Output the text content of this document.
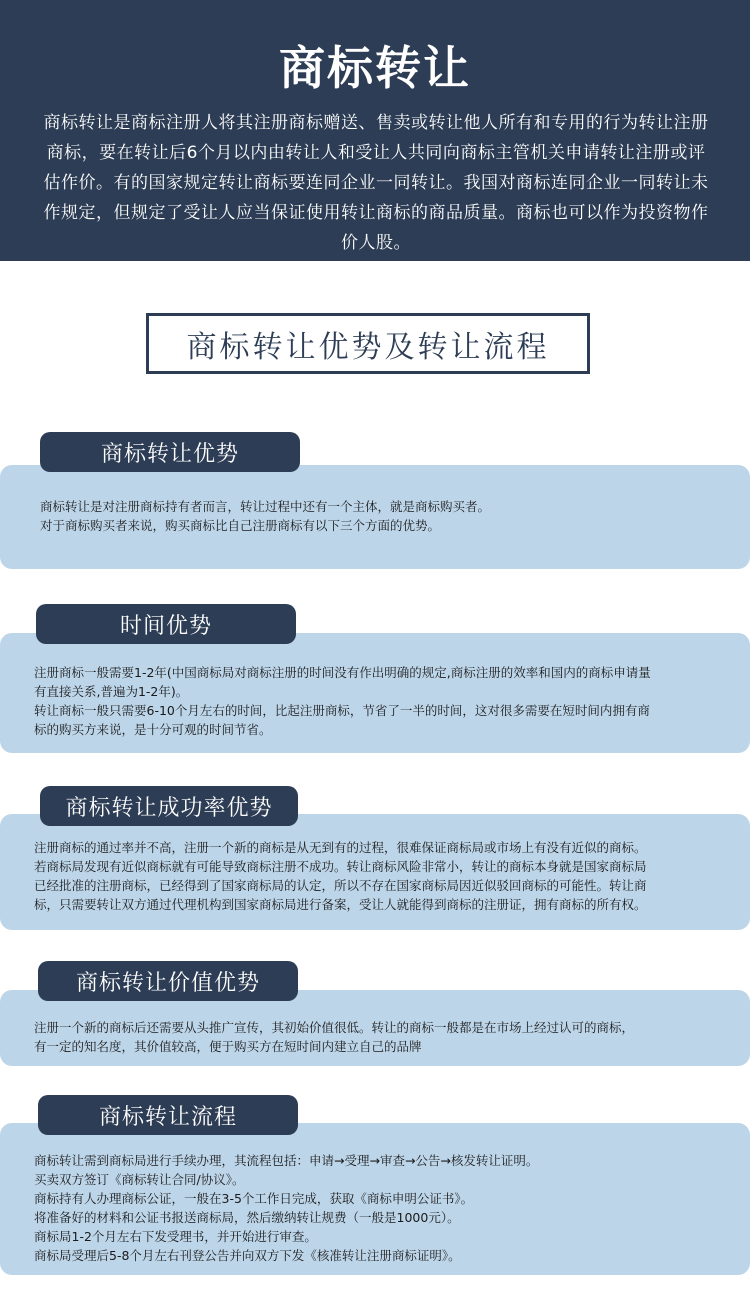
商标转让
商标转让是商标注册人将其注册商标赠送、售卖或转让他人所有和专用的行为转让注册商标，要在转让后6个月以内由转让人和受让人共同向商标主管机关申请转让注册或评估作价。有的国家规定转让商标要连同企业一同转让。我国对商标连同企业一同转让未作规定，但规定了受让人应当保证使用转让商标的商品质量。商标也可以作为投资物作价人股。
商标转让优势及转让流程
商标转让是对注册商标持有者而言，转让过程中还有一个主体，就是商标购买者。
对于商标购买者来说，购买商标比自己注册商标有以下三个方面的优势。
商标转让优势
注册商标一般需要1-2年(中国商标局对商标注册的时间没有作出明确的规定,商标注册的效率和国内的商标申请量
有直接关系,普遍为1-2年)。
转让商标一般只需要6-10个月左右的时间，比起注册商标，节省了一半的时间，这对很多需要在短时间内拥有商
标的购买方来说，是十分可观的时间节省。
时间优势
注册商标的通过率并不高，注册一个新的商标是从无到有的过程，很难保证商标局或市场上有没有近似的商标。
若商标局发现有近似商标就有可能导致商标注册不成功。转让商标风险非常小，转让的商标本身就是国家商标局
已经批准的注册商标，已经得到了国家商标局的认定，所以不存在国家商标局因近似驳回商标的可能性。转让商
标，只需要转让双方通过代理机构到国家商标局进行备案，受让人就能得到商标的注册证，拥有商标的所有权。
商标转让成功率优势
注册一个新的商标后还需要从头推广宣传，其初始价值很低。转让的商标一般都是在市场上经过认可的商标，
有一定的知名度，其价值较高，便于购买方在短时间内建立自己的品牌
商标转让价值优势
商标转让需到商标局进行手续办理，其流程包括：申请→受理→审查→公告→核发转让证明。
买卖双方签订《商标转让合同/协议》。
商标持有人办理商标公证，一般在3-5个工作日完成，获取《商标申明公证书》。
将准备好的材料和公证书报送商标局，然后缴纳转让规费（一般是1000元）。
商标局1-2个月左右下发受理书，并开始进行审查。
商标局受理后5-8个月左右刊登公告并向双方下发《核准转让注册商标证明》。
商标转让流程
